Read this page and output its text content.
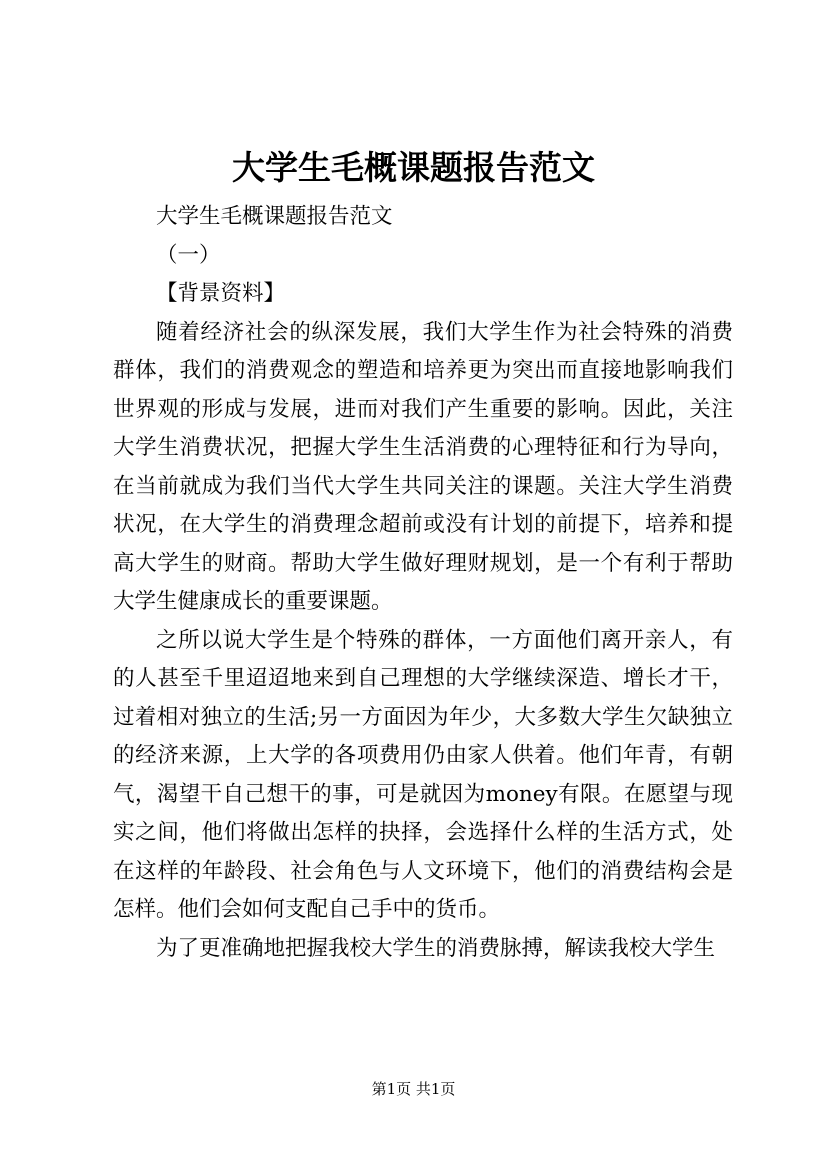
大学生毛概课题报告范文

大学生毛概课题报告范文

（一）

【背景资料】

随着经济社会的纵深发展，我们大学生作为社会特殊的消费群体，我们的消费观念的塑造和培养更为突出而直接地影响我们世界观的形成与发展，进而对我们产生重要的影响。因此，关注大学生消费状况，把握大学生生活消费的心理特征和行为导向，在当前就成为我们当代大学生共同关注的课题。关注大学生消费状况，在大学生的消费理念超前或没有计划的前提下，培养和提高大学生的财商。帮助大学生做好理财规划，是一个有利于帮助大学生健康成长的重要课题。

之所以说大学生是个特殊的群体，一方面他们离开亲人，有的人甚至千里迢迢地来到自己理想的大学继续深造、增长才干，过着相对独立的生活;另一方面因为年少，大多数大学生欠缺独立的经济来源，上大学的各项费用仍由家人供着。他们年青，有朝气，渴望干自己想干的事，可是就因为money有限。在愿望与现实之间，他们将做出怎样的抉择，会选择什么样的生活方式，处在这样的年龄段、社会角色与人文环境下，他们的消费结构会是怎样。他们会如何支配自己手中的货币。

为了更准确地把握我校大学生的消费脉搏，解读我校大学生

第1页 共1页
